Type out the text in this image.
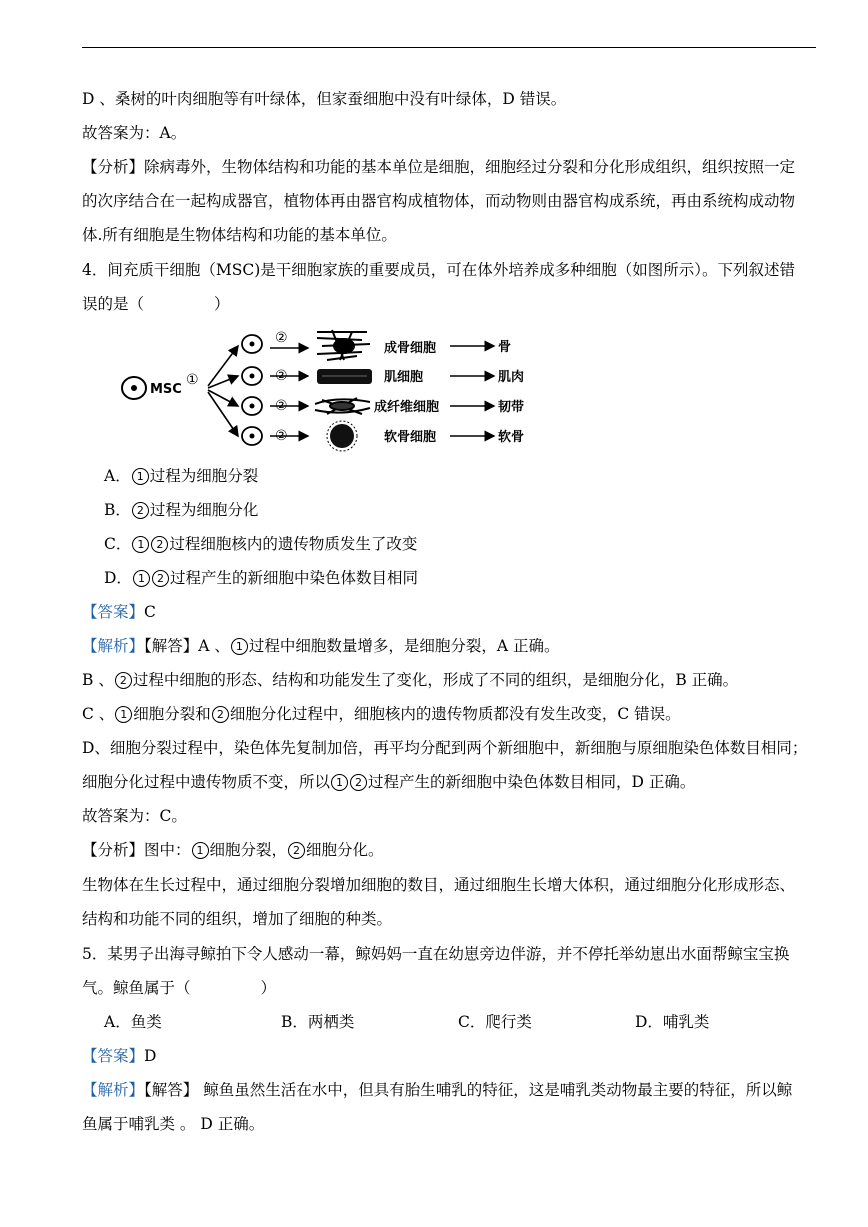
D 、桑树的叶肉细胞等有叶绿体，但家蚕细胞中没有叶绿体，D 错误。
故答案为：A。
【分析】除病毒外，生物体结构和功能的基本单位是细胞，细胞经过分裂和分化形成组织，组织按照一定
的次序结合在一起构成器官，植物体再由器官构成植物体，而动物则由器官构成系统，再由系统构成动物
体.所有细胞是生物体结构和功能的基本单位。
4．间充质干细胞（MSC)是干细胞家族的重要成员，可在体外培养成多种细胞（如图所示）。下列叙述错
误的是（	）
MSC
①
②
②
②
②
成骨细胞
肌细胞
成纤维细胞
软骨细胞
骨
肌肉
韧带
软骨
A． 1 过程为细胞分裂
B． 2 过程为细胞分化
C． 1 2 过程细胞核内的遗传物质发生了改变
D． 1 2 过程产生的新细胞中染色体数目相同
【答案】C
【解析】【解答】A 、 1 过程中细胞数量增多，是细胞分裂，A 正确。
B 、 2 过程中细胞的形态、结构和功能发生了变化，形成了不同的组织，是细胞分化，B 正确。
C 、 1 细胞分裂和 2 细胞分化过程中，细胞核内的遗传物质都没有发生改变，C 错误。
D、细胞分裂过程中，染色体先复制加倍，再平均分配到两个新细胞中，新细胞与原细胞染色体数目相同；
细胞分化过程中遗传物质不变，所以 1 2 过程产生的新细胞中染色体数目相同，D 正确。
故答案为：C。
【分析】图中： 1 细胞分裂， 2 细胞分化。
生物体在生长过程中，通过细胞分裂增加细胞的数目，通过细胞生长增大体积，通过细胞分化形成形态、
结构和功能不同的组织，增加了细胞的种类。
5．某男子出海寻鲸拍下令人感动一幕，鲸妈妈一直在幼崽旁边伴游，并不停托举幼崽出水面帮鲸宝宝换
气。鲸鱼属于（	）
A．鱼类	B．两栖类	C．爬行类	D．哺乳类
【答案】D
【解析】【解答】 鲸鱼虽然生活在水中，但具有胎生哺乳的特征，这是哺乳类动物最主要的特征，所以鲸
鱼属于哺乳类 。 D 正确。
